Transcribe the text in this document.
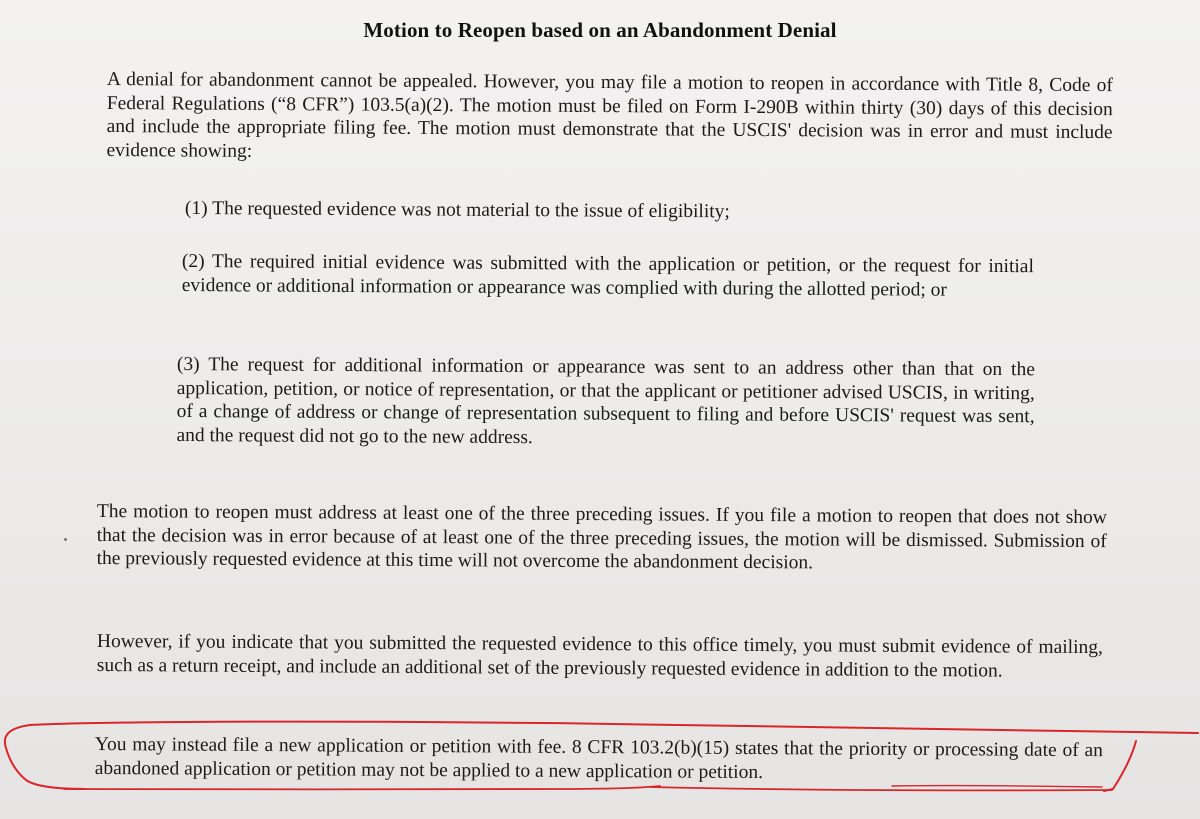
Motion to Reopen based on an Abandonment Denial
A denial for abandonment cannot be appealed. However, you may file a motion to reopen in accordance with Title 8, Code of Federal Regulations (“8 CFR”) 103.5(a)(2). The motion must be filed on Form I-290B within thirty (30) days of this decision and include the appropriate filing fee. The motion must demonstrate that the USCIS' decision was in error and must include evidence showing:
(1) The requested evidence was not material to the issue of eligibility;
(2) The required initial evidence was submitted with the application or petition, or the request for initial evidence or additional information or appearance was complied with during the allotted period; or
(3) The request for additional information or appearance was sent to an address other than that on the application, petition, or notice of representation, or that the applicant or petitioner advised USCIS, in writing, of a change of address or change of representation subsequent to filing and before USCIS' request was sent, and the request did not go to the new address.
The motion to reopen must address at least one of the three preceding issues. If you file a motion to reopen that does not show that the decision was in error because of at least one of the three preceding issues, the motion will be dismissed. Submission of the previously requested evidence at this time will not overcome the abandonment decision.
However, if you indicate that you submitted the requested evidence to this office timely, you must submit evidence of mailing, such as a return receipt, and include an additional set of the previously requested evidence in addition to the motion.
You may instead file a new application or petition with fee. 8 CFR 103.2(b)(15) states that the priority or processing date of an abandoned application or petition may not be applied to a new application or petition.
